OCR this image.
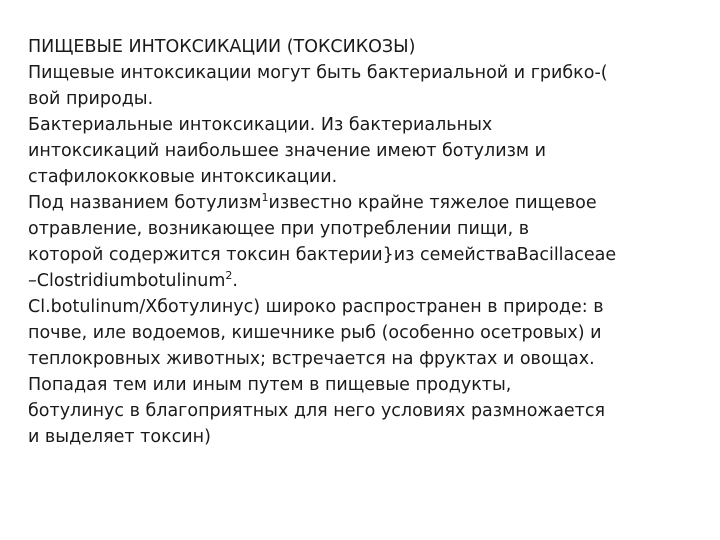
ПИЩЕВЫЕ ИНТОКСИКАЦИИ (ТОКСИКОЗЫ)
Пищевые интоксикации могут быть бактериальной и грибко-(
вой природы.
Бактериальные интоксикации. Из бактериальных
интоксикаций наибольшее значение имеют ботулизм и
стафилококковые интоксикации.
Под названием ботулизм$^1$известно крайне тяжелое пищевое
отравление, возникающее при употреблении пищи, в
которой содержится токсин бактерии}из семействаBacillaceae
–Clostridiumbotulinum$^2$.
Cl.botulinum/Хботулинус) широко распространен в природе: в
почве, иле водоемов, кишечнике рыб (особенно осетровых) и
теплокровных животных; встречается на фруктах и овощах.
Попадая тем или иным путем в пищевые продукты,
ботулинус в благоприятных для него условиях размножается
и выделяет токсин)
